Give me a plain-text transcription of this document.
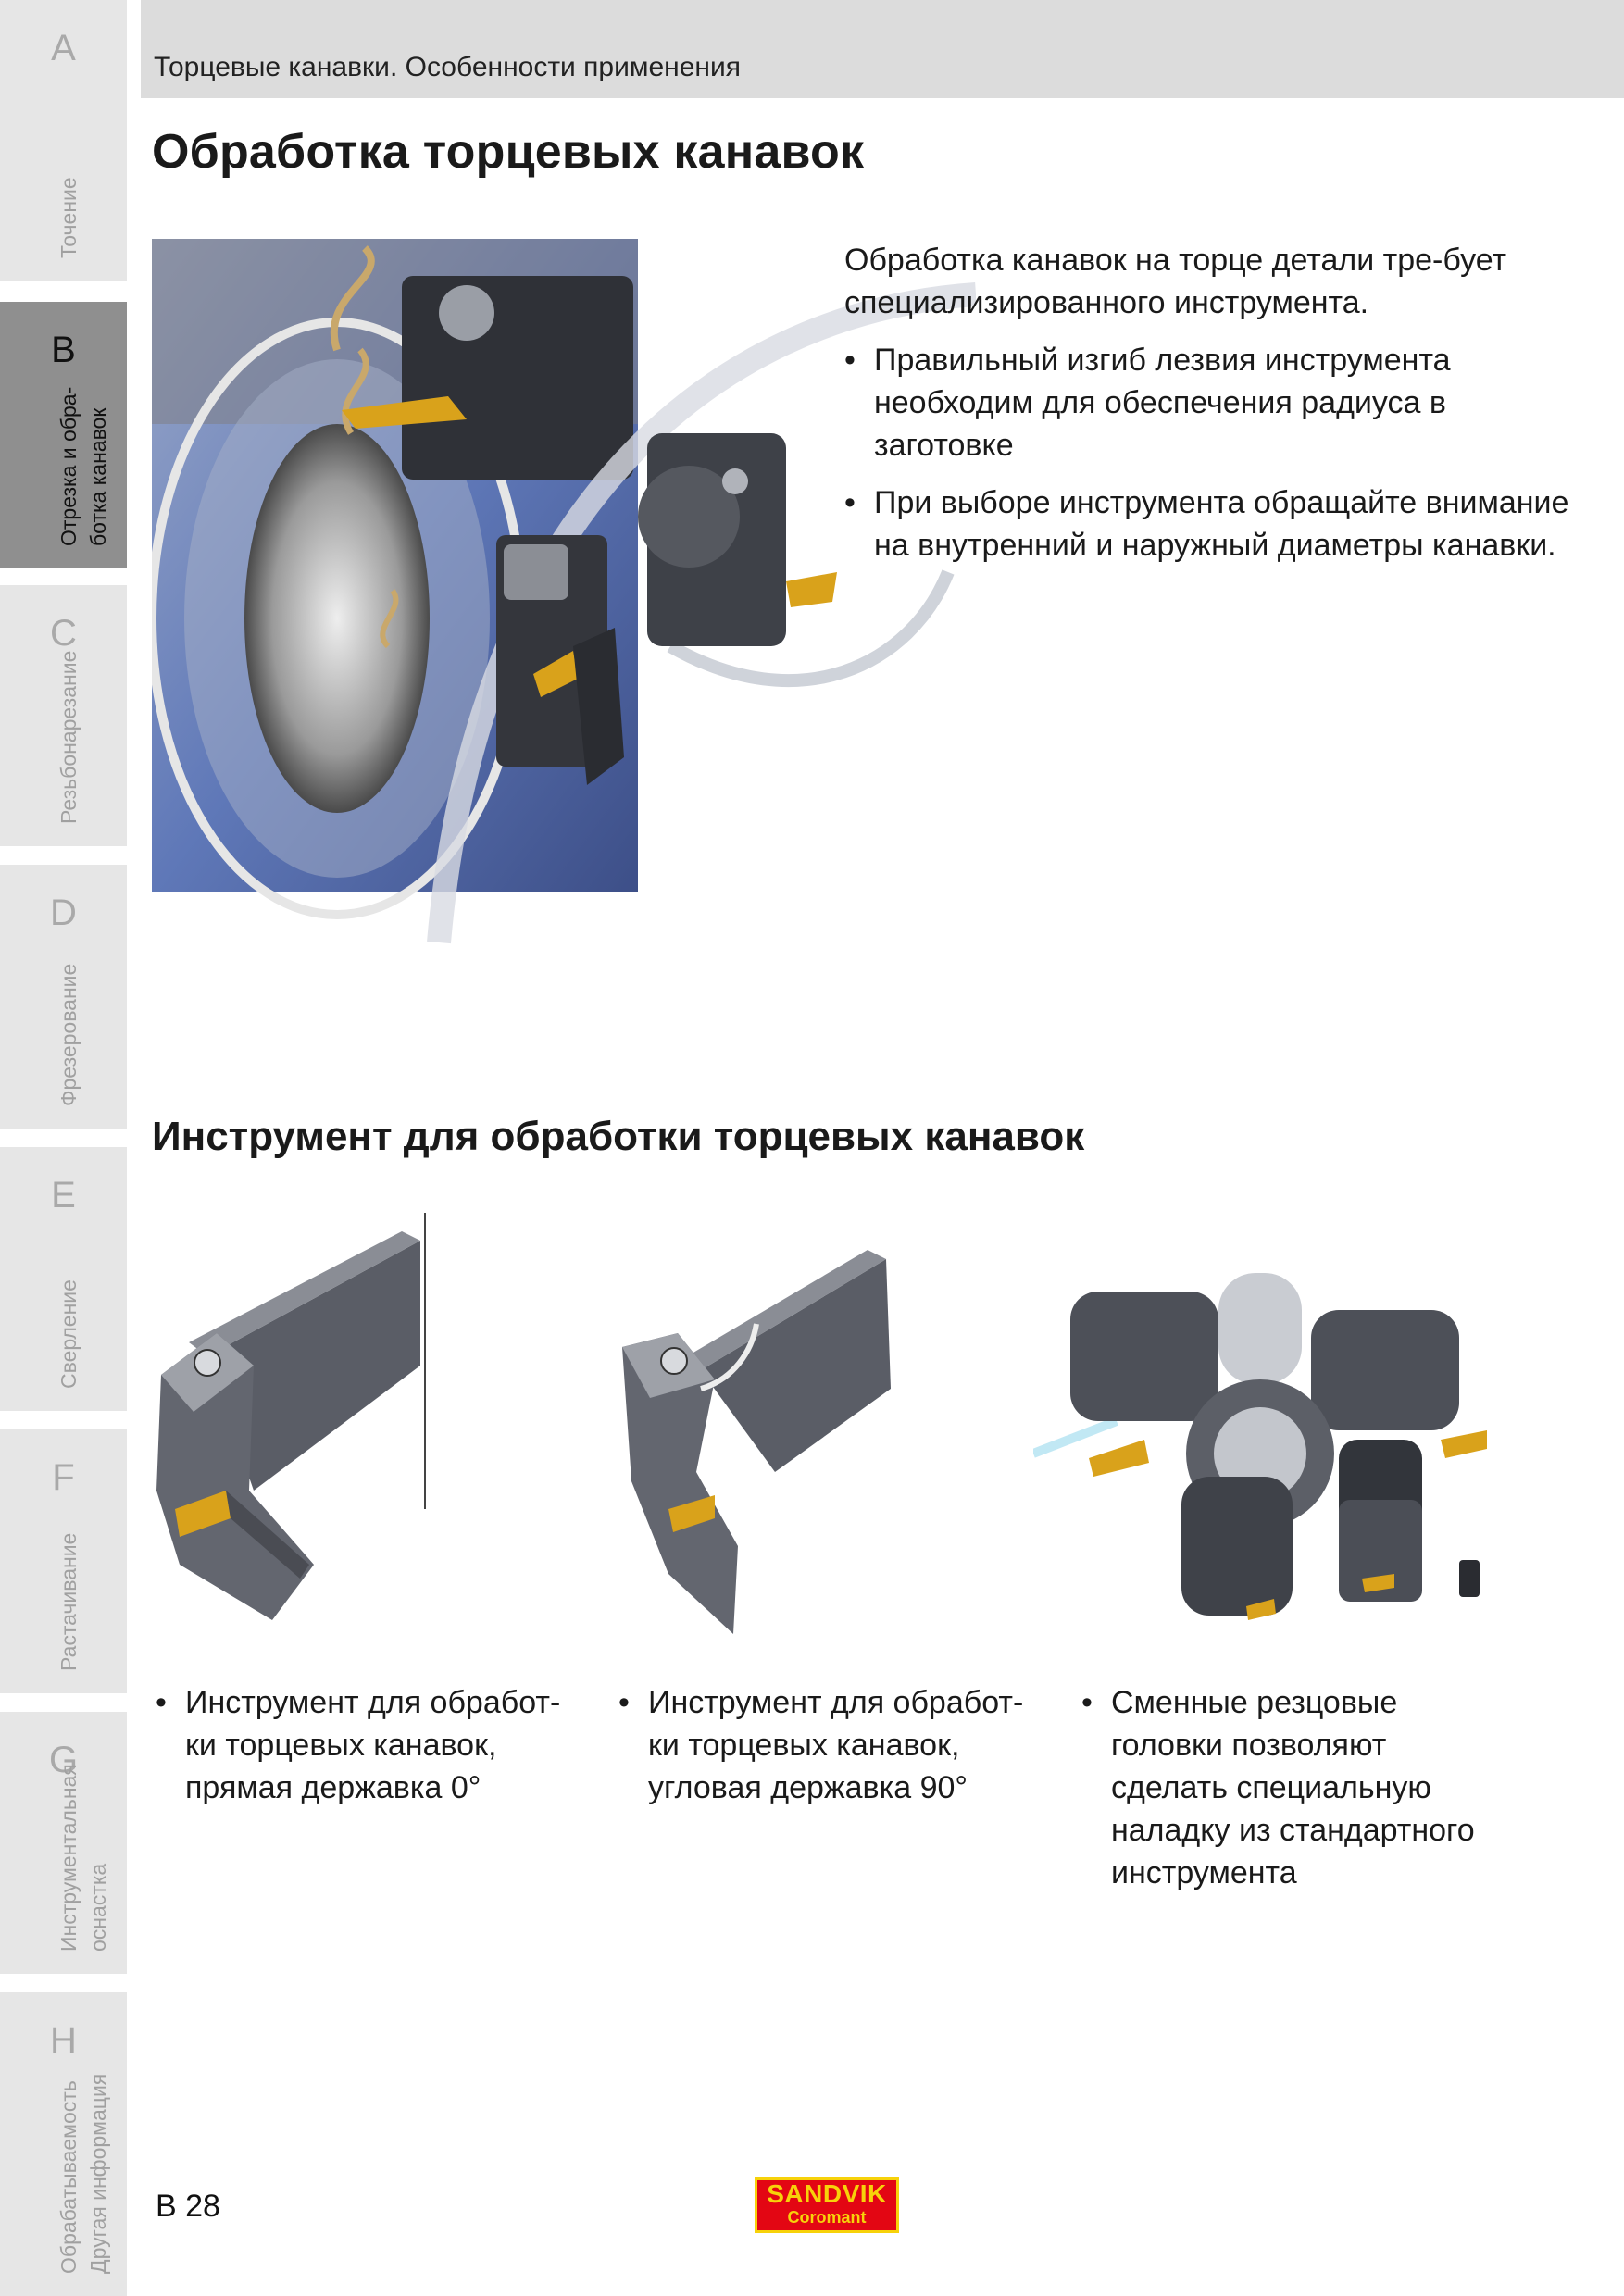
A
Точение
B
Отрезка и обра- ботка канавок
C
Резьбонарезание
D
Фрезерование
E
Сверление
F
Растачивание
G
Инструментальная оснастка
H
Обрабатываемость Другая информация
Торцевые канавки. Особенности применения
Обработка торцевых канавок

Обработка канавок на торце детали тре-бует специализированного инструмента.

• Правильный изгиб лезвия инструмента необходим для обеспечения радиуса в заготовке
• При выборе инструмента обращайте внимание на внутренний и наружный диаметры канавки.
Инструмент для обработки торцевых канавок
• Инструмент для обработ-ки торцевых канавок, прямая державка 0°
• Инструмент для обработ-ки торцевых канавок, угловая державка 90°
• Сменные резцовые головки позволяют сделать специальную наладку из стандартного инструмента
B 28	SANDVIK
Coromant
